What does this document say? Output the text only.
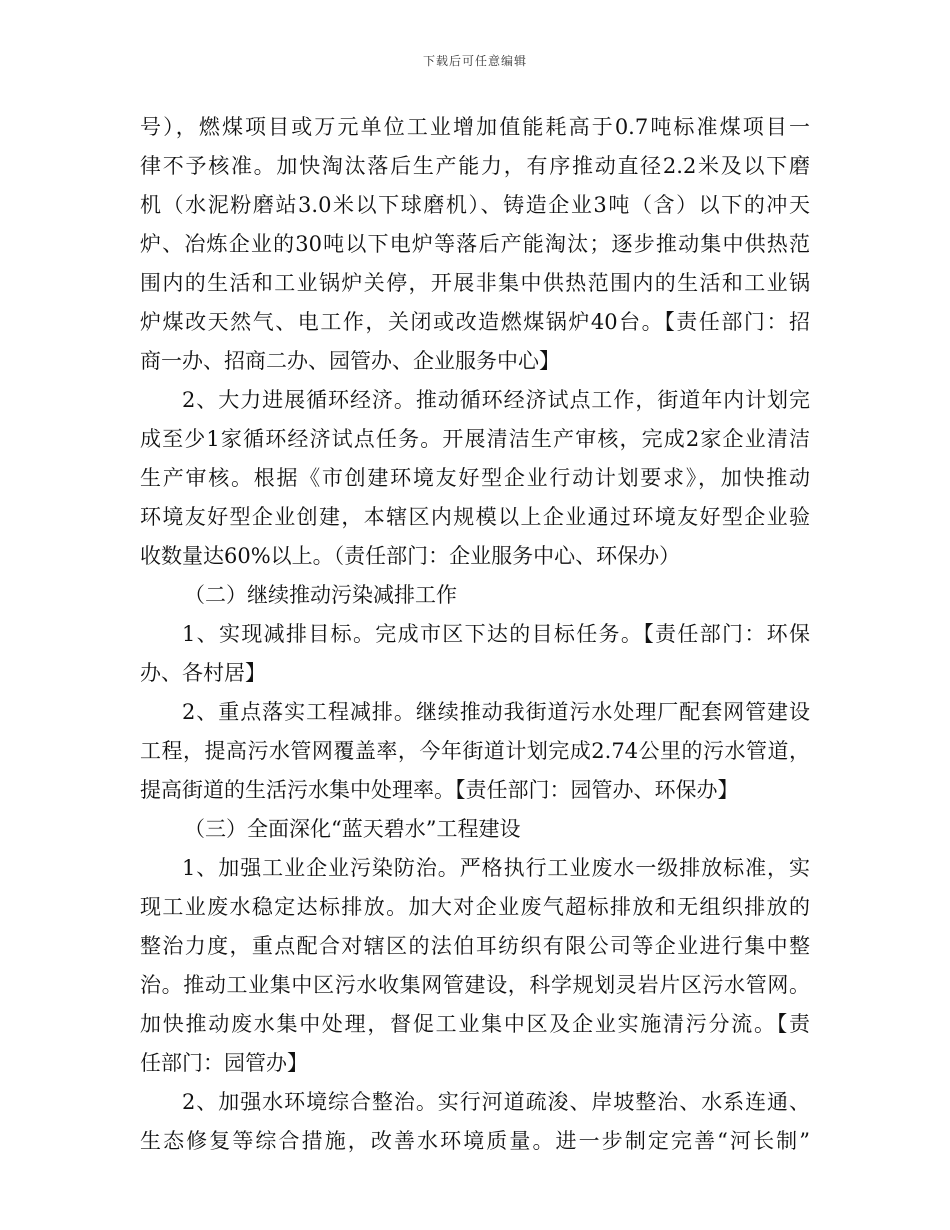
下载后可任意编辑
号），燃煤项目或万元单位工业增加值能耗高于0.7吨标准煤项目一
律不予核准。加快淘汰落后生产能力，有序推动直径2.2米及以下磨
机（水泥粉磨站3.0米以下球磨机）、铸造企业3吨（含）以下的冲天
炉、冶炼企业的30吨以下电炉等落后产能淘汰；逐步推动集中供热范
围内的生活和工业锅炉关停，开展非集中供热范围内的生活和工业锅
炉煤改天然气、电工作，关闭或改造燃煤锅炉40台。【责任部门：招
商一办、招商二办、园管办、企业服务中心】
2、大力进展循环经济。推动循环经济试点工作，街道年内计划完
成至少1家循环经济试点任务。开展清洁生产审核，完成2家企业清洁
生产审核。根据《市创建环境友好型企业行动计划要求》，加快推动
环境友好型企业创建，本辖区内规模以上企业通过环境友好型企业验
收数量达60%以上。（责任部门：企业服务中心、环保办）
（二）继续推动污染减排工作
1、实现减排目标。完成市区下达的目标任务。【责任部门：环保
办、各村居】
2、重点落实工程减排。继续推动我街道污水处理厂配套网管建设
工程，提高污水管网覆盖率，今年街道计划完成2.74公里的污水管道，
提高街道的生活污水集中处理率。【责任部门：园管办、环保办】
（三）全面深化“蓝天碧水”工程建设
1、加强工业企业污染防治。严格执行工业废水一级排放标准，实
现工业废水稳定达标排放。加大对企业废气超标排放和无组织排放的
整治力度，重点配合对辖区的法伯耳纺织有限公司等企业进行集中整
治。推动工业集中区污水收集网管建设，科学规划灵岩片区污水管网。
加快推动废水集中处理，督促工业集中区及企业实施清污分流。【责
任部门：园管办】
2、加强水环境综合整治。实行河道疏浚、岸坡整治、水系连通、
生态修复等综合措施，改善水环境质量。进一步制定完善“河长制”
